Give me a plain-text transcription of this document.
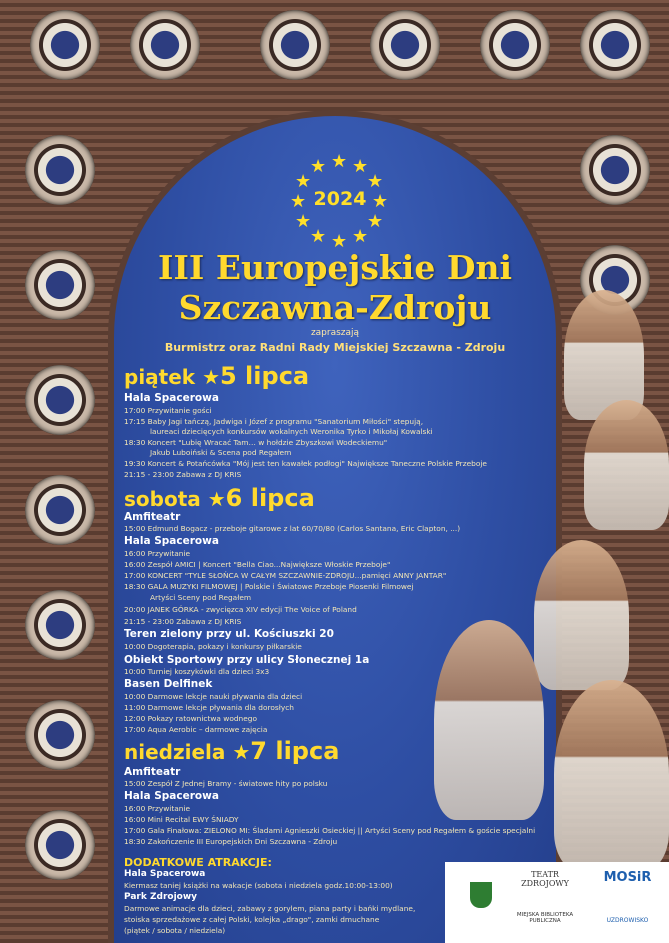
★ ★
★
★
★
★
★
★
★
★
★
★
2024
III Europejskie Dni
Szczawna-Zdroju
zapraszają
Burmistrz oraz Radni Rady Miejskiej Szczawna - Zdroju
piątek ★5 lipca
Hala Spacerowa
17:00 Przywitanie gości
17:15 Baby Jagi tańczą, Jadwiga i Józef z programu "Sanatorium Miłości" stepują,
laureaci dziecięcych konkursów wokalnych Weronika Tyrko i Mikołaj Kowalski
18:30 Koncert "Lubię Wracać Tam… w hołdzie Zbyszkowi Wodeckiemu"
Jakub Luboiński & Scena pod Regałem
19:30 Koncert & Potańcówka "Mój jest ten kawałek podłogi" Największe Taneczne Polskie Przeboje
21:15 - 23:00 Zabawa z DJ KRIS
sobota ★6 lipca
Amfiteatr
15:00 Edmund Bogacz - przeboje gitarowe z lat 60/70/80 (Carlos Santana, Eric Clapton, ...)
Hala Spacerowa
16:00 Przywitanie
16:00 Zespół AMICI | Koncert "Bella Ciao...Największe Włoskie Przeboje"
17:00 KONCERT "TYLE SŁOŃCA W CAŁYM SZCZAWNIE-ZDROJU...pamięci ANNY JANTAR"
18:30 GALA MUZYKI FILMOWEJ | Polskie i Światowe Przeboje Piosenki Filmowej
Artyści Sceny pod Regałem
20:00 JANEK GÓRKA - zwycięzca XIV edycji The Voice of Poland
21:15 - 23:00 Zabawa z DJ KRIS
Teren zielony przy ul. Kościuszki 20
10:00 Dogoterapia, pokazy i konkursy piłkarskie
Obiekt Sportowy przy ulicy Słonecznej 1a
10:00 Turniej koszykówki dla dzieci 3x3
Basen Delfinek
10:00 Darmowe lekcje nauki pływania dla dzieci
11:00 Darmowe lekcje pływania dla dorosłych
12:00 Pokazy ratownictwa wodnego
17:00 Aqua Aerobic – darmowe zajęcia
niedziela ★7 lipca
Amfiteatr
15:00 Zespół Z Jednej Bramy - światowe hity po polsku
Hala Spacerowa
16:00 Przywitanie
16:00 Mini Recital EWY ŚNIADY
17:00 Gala Finałowa: ZIELONO MI: Śladami Agnieszki Osieckiej || Artyści Sceny pod Regałem & goście specjalni
18:30 Zakończenie III Europejskich Dni Szczawna - Zdroju
DODATKOWE ATRAKCJE:
Hala Spacerowa
Kiermasz taniej książki na wakacje (sobota i niedziela godz.10:00-13:00)
Park Zdrojowy
Darmowe animacje dla dzieci, zabawy z gorylem, piana party i bańki mydlane,
stoiska sprzedażowe z całej Polski, kolejka „drago", zamki dmuchane
(piątek / sobota / niedziela)
TEATR ZDROJOWY	MOSiR
MIEJSKA BIBLIOTEKA PUBLICZNA	UZDROWISKO
